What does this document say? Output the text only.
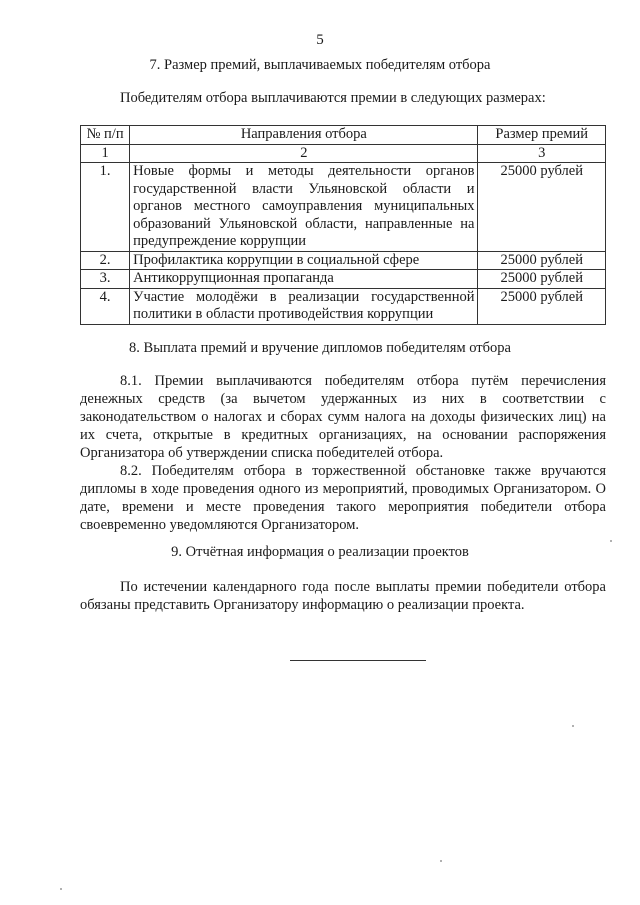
5
7. Размер премий, выплачиваемых победителям отбора
Победителям отбора выплачиваются премии в следующих размерах:
№ п/п	Направления отбора	Размер премий
1	2	3
1.	Новые формы и методы деятельности органов государственной власти Ульяновской области и органов местного самоуправления муниципальных образований Ульяновской области, направленные на предупреждение коррупции	25000 рублей
2.	Профилактика коррупции в социальной сфере	25000 рублей
3.	Антикоррупционная пропаганда	25000 рублей
4.	Участие молодёжи в реализации государственной политики в области противодействия коррупции	25000 рублей
8. Выплата премий и вручение дипломов победителям отбора

8.1. Премии выплачиваются победителям отбора путём перечисления денежных средств (за вычетом удержанных из них в соответствии с законодательством о налогах и сборах сумм налога на доходы физических лиц) на их счета, открытые в кредитных организациях, на основании распоряжения Организатора об утверждении списка победителей отбора.

8.2. Победителям отбора в торжественной обстановке также вручаются дипломы в ходе проведения одного из мероприятий, проводимых Организатором. О дате, времени и месте проведения такого мероприятия победители отбора своевременно уведомляются Организатором.

9. Отчётная информация о реализации проектов

По истечении календарного года после выплаты премии победители отбора обязаны представить Организатору информацию о реализации проекта.
